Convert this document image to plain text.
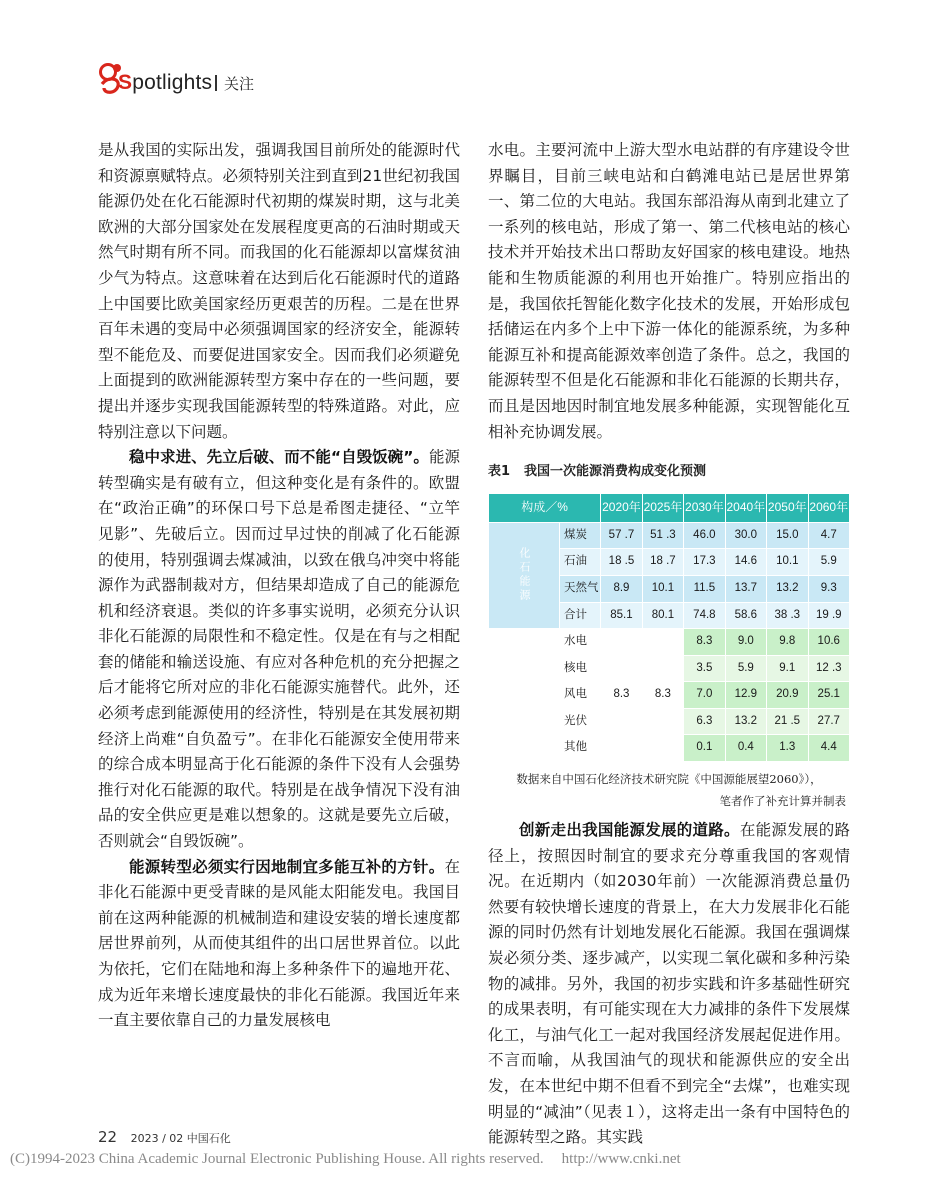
Spotlights 关注

是从我国的实际出发，强调我国目前所处的能源时代和资源禀赋特点。必须特别关注到直到21世纪初我国能源仍处在化石能源时代初期的煤炭时期，这与北美欧洲的大部分国家处在发展程度更高的石油时期或天然气时期有所不同。而我国的化石能源却以富煤贫油少气为特点。这意味着在达到后化石能源时代的道路上中国要比欧美国家经历更艰苦的历程。二是在世界百年未遇的变局中必须强调国家的经济安全，能源转型不能危及、而要促进国家安全。因而我们必须避免上面提到的欧洲能源转型方案中存在的一些问题，要提出并逐步实现我国能源转型的特殊道路。对此，应特别注意以下问题。

稳中求进、先立后破、而不能“自毁饭碗”。能源转型确实是有破有立，但这种变化是有条件的。欧盟在“政治正确”的环保口号下总是希图走捷径、“立竿见影”、先破后立。因而过早过快的削减了化石能源的使用，特别强调去煤减油，以致在俄乌冲突中将能源作为武器制裁对方，但结果却造成了自己的能源危机和经济衰退。类似的许多事实说明，必须充分认识非化石能源的局限性和不稳定性。仅是在有与之相配套的储能和输送设施、有应对各种危机的充分把握之后才能将它所对应的非化石能源实施替代。此外，还必须考虑到能源使用的经济性，特别是在其发展初期经济上尚难“自负盈亏”。在非化石能源安全使用带来的综合成本明显高于化石能源的条件下没有人会强势推行对化石能源的取代。特别是在战争情况下没有油品的安全供应更是难以想象的。这就是要先立后破，否则就会“自毁饭碗”。

能源转型必须实行因地制宜多能互补的方针。在非化石能源中更受青睐的是风能太阳能发电。我国目前在这两种能源的机械制造和建设安装的增长速度都居世界前列，从而使其组件的出口居世界首位。以此为依托，它们在陆地和海上多种条件下的遍地开花、成为近年来增长速度最快的非化石能源。我国近年来一直主要依靠自己的力量发展核电

水电。主要河流中上游大型水电站群的有序建设令世界瞩目，目前三峡电站和白鹤滩电站已是居世界第一、第二位的大电站。我国东部沿海从南到北建立了一系列的核电站，形成了第一、第二代核电站的核心技术并开始技术出口帮助友好国家的核电建设。地热能和生物质能源的利用也开始推广。特别应指出的是，我国依托智能化数字化技术的发展，开始形成包括储运在内多个上中下游一体化的能源系统，为多种能源互补和提高能源效率创造了条件。总之，我国的能源转型不但是化石能源和非化石能源的长期共存，而且是因地因时制宜地发展多种能源，实现智能化互相补充协调发展。

表1 我国一次能源消费构成变化预测
构成／%		2020年	2025年	2030年	2040年	2050年	2060年

化石能源	煤炭	57 .7	51 .3	46.0	30.0	15.0	4.7
	石油	18 .5	18 .7	17.3	14.6	10.1	5.9
	天然气	8.9	10.1	11.5	13.7	13.2	9.3
	合计	85.1	80.1	74.8	58.6	38 .3	19 .9

非化石能源	水电	8.3	8.3	8.3	9.0	9.8	10.6
	核电			3.5	5.9	9.1	12 .3
	风电			7.0	12.9	20.9	25.1
	光伏			6.3	13.2	21 .5	27.7
	其他			0.1	0.4	1.3	4.4
数据来自中国石化经济技术研究院《中国源能展望2060》），
笔者作了补充计算并制表

创新走出我国能源发展的道路。在能源发展的路径上，按照因时制宜的要求充分尊重我国的客观情况。在近期内（如2030年前）一次能源消费总量仍然要有较快增长速度的背景上，在大力发展非化石能源的同时仍然有计划地发展化石能源。我国在强调煤炭必须分类、逐步减产，以实现二氧化碳和多种污染物的减排。另外，我国的初步实践和许多基础性研究的成果表明，有可能实现在大力减排的条件下发展煤化工，与油气化工一起对我国经济发展起促进作用。不言而喻，从我国油气的现状和能源供应的安全出发，在本世纪中期不但看不到完全“去煤”，也难实现明显的“减油”（见表１），这将走出一条有中国特色的能源转型之路。其实践

22 2023 / 02 中国石化
(C)1994-2023 China Academic Journal Electronic Publishing House. All rights reserved. http://www.cnki.net
